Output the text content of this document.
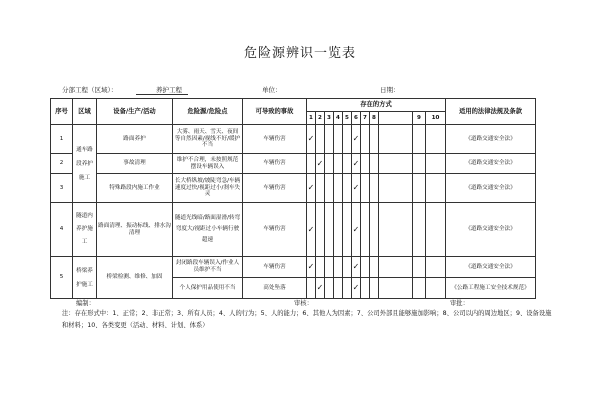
危险源辨识一览表
分部工程（区域）：	养护工程	单位：	日期：
序号	区域	设备/生产/活动	危险源/危险点	可导致的事故	存在的方式											适用的法律法规及条款

					1	2	3	4	5	6	7	8		9	10	
1	通车路段养护施工	路面养护	大雾、雨天、雪天、夜间等自然因素/视线不好/缓护不当	车辆伤害	✓					✓						《道路交通安全法》
2		事故清理	维护不合理，未按照规范摆设车辆误入	车辆伤害		✓				✓						《道路交通安全法》
3		特殊路段内施工作业	长大桥纵坡/坡陡弯急/车辆速度过快/视距过小/刹车失灵	车辆伤害	✓					✓						《道路交通安全法》
4	隧道内养护施工	路面清理、振动标线、排水沟清理	隧道光线暗/路面湿滑/转弯弯度大/视距过小车辆行驶超速	车辆伤害	✓					✓						《道路交通安全法》
5	桥梁养护施工	桥梁检测、维修、加固	封闭路段车辆误入/作业人员维护不当	车辆伤害	✓					✓						《道路交通安全法》

			个人保护用品使用不当	高处坠落		✓				✓						《公路工程施工安全技术规范》
编制：	审核：	审批：
注：存在形式中：1、正常；2、非正常；3、所有人员；4、人的行为；5、人的能力；6、其他人为因素；7、公司外部且能够施加影响；8、公司以内的周边地区；9、设备设施和材料；10、各类变更（活动、材料、计划、体系）
